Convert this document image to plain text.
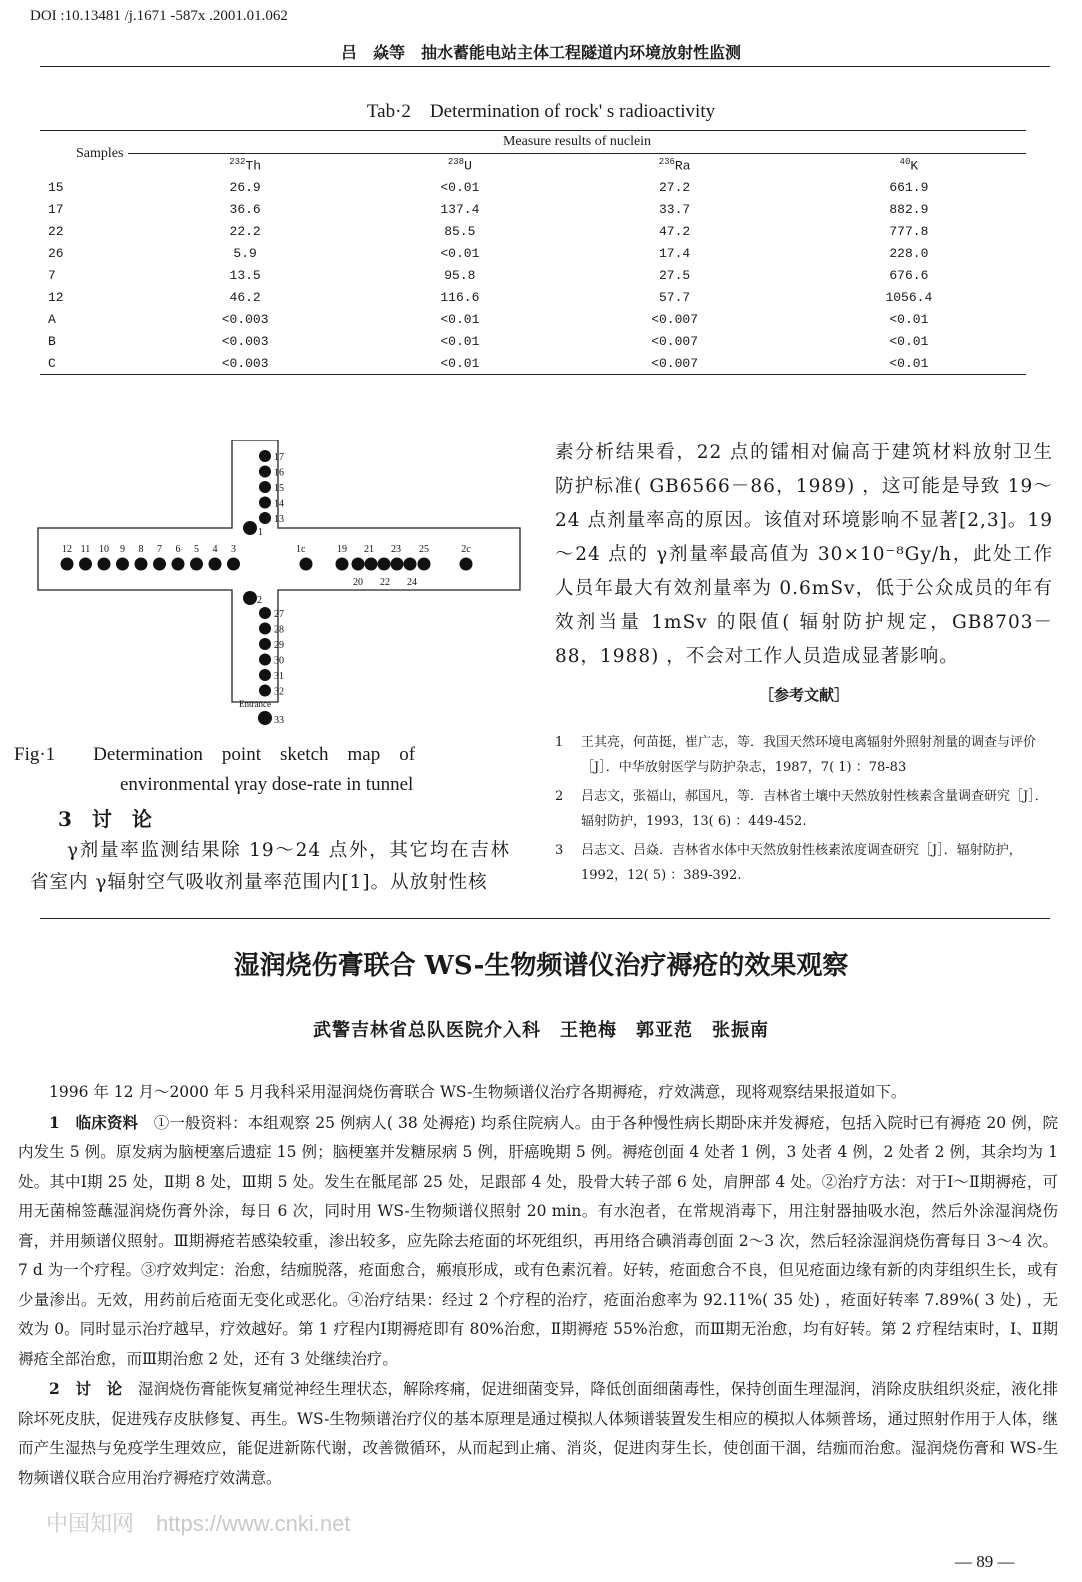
DOI :10.13481 /j.1671 -587x .2001.01.062
吕　焱等　抽水蓄能电站主体工程隧道内环境放射性监测
Tab·2　Determination of rock' s radioactivity
Samples	Measure results of nuclein			
	$^{232}$Th	$^{238}$U	$^{236}$Ra	$^{40}$K
15	26.9	<0.01	27.2	661.9
17	36.6	137.4	33.7	882.9
22	22.2	85.5	47.2	777.8
26	5.9	<0.01	17.4	228.0
7	13.5	95.8	27.5	676.6
12	46.2	116.6	57.7	1056.4
A	<0.003	<0.01	<0.007	<0.01
B	<0.003	<0.01	<0.007	<0.01
C	<0.003	<0.01	<0.007	<0.01
12 11 10 9 8 7 6 5 4 3
17
16
15
14
13
1
1c	19 21 23 25	2c
20 22 24
2
27
28
29
30
31
32
Entrance
33
Fig·1　　Determination　point　sketch　map　of
environmental γray dose-rate in tunnel
素分析结果看，22 点的镭相对偏高于建筑材料放射卫生防护标准( GB6566－86，1989) ，这可能是导致 19～24 点剂量率高的原因。该值对环境影响不显著[2,3]。19～24 点的 γ剂量率最高值为 30×10⁻⁸Gy/h，此处工作人员年最大有效剂量率为 0.6mSv，低于公众成员的年有效剂当量 1mSv 的限值( 辐射防护规定，GB8703－88，1988) ，不会对工作人员造成显著影响。
［参考文献］
1 王其亮，何苗挺，崔广志，等．我国天然环境电离辐射外照射剂量的调查与评价［J］．中华放射医学与防护杂志，1987，7( 1) ：78-83
2 吕志文，张福山，郝国凡，等．吉林省土壤中天然放射性核素含量调查研究［J］．辐射防护，1993，13( 6) ：449-452.
3 吕志文、吕焱．吉林省水体中天然放射性核素浓度调查研究［J］．辐射防护，1992，12( 5) ：389-392.
3　讨　论
γ剂量率监测结果除 19～24 点外，其它均在吉林省室内 γ辐射空气吸收剂量率范围内[1]。从放射性核
湿润烧伤膏联合 WS-生物频谱仪治疗褥疮的效果观察
武警吉林省总队医院介入科　王艳梅　郭亚范　张振南

1996 年 12 月～2000 年 5 月我科采用湿润烧伤膏联合 WS-生物频谱仪治疗各期褥疮，疗效满意，现将观察结果报道如下。

1　临床资料　 ①一般资料：本组观察 25 例病人( 38 处褥疮) 均系住院病人。由于各种慢性病长期卧床并发褥疮，包括入院时已有褥疮 20 例，院内发生 5 例。原发病为脑梗塞后遗症 15 例；脑梗塞并发糖尿病 5 例，肝癌晚期 5 例。褥疮创面 4 处者 1 例，3 处者 4 例，2 处者 2 例，其余均为 1 处。其中Ⅰ期 25 处，Ⅱ期 8 处，Ⅲ期 5 处。发生在骶尾部 25 处，足跟部 4 处，股骨大转子部 6 处，肩胛部 4 处。②治疗方法：对于Ⅰ～Ⅱ期褥疮，可用无菌棉签蘸湿润烧伤膏外涂，每日 6 次，同时用 WS-生物频谱仪照射 20 min。有水泡者，在常规消毒下，用注射器抽吸水泡，然后外涂湿润烧伤膏，并用频谱仪照射。Ⅲ期褥疮若感染较重，渗出较多，应先除去疮面的坏死组织，再用络合碘消毒创面 2～3 次，然后轻涂湿润烧伤膏每日 3～4 次。7 d 为一个疗程。③疗效判定：治愈，结痂脱落，疮面愈合，瘢痕形成，或有色素沉着。好转，疮面愈合不良，但见疮面边缘有新的肉芽组织生长，或有少量渗出。无效，用药前后疮面无变化或恶化。④治疗结果：经过 2 个疗程的治疗，疮面治愈率为 92.11%( 35 处) ，疮面好转率 7.89%( 3 处) ，无效为 0。同时显示治疗越早，疗效越好。第 1 疗程内Ⅰ期褥疮即有 80%治愈，Ⅱ期褥疮 55%治愈，而Ⅲ期无治愈，均有好转。第 2 疗程结束时，Ⅰ、Ⅱ期褥疮全部治愈，而Ⅲ期治愈 2 处，还有 3 处继续治疗。

2　讨　论　 湿润烧伤膏能恢复痛觉神经生理状态，解除疼痛，促进细菌变异，降低创面细菌毒性，保持创面生理湿润，消除皮肤组织炎症，液化排除坏死皮肤，促进残存皮肤修复、再生。WS-生物频谱治疗仪的基本原理是通过模拟人体频谱装置发生相应的模拟人体频普场，通过照射作用于人体，继而产生湿热与免疫学生理效应，能促进新陈代谢，改善微循环，从而起到止痛、消炎，促进肉芽生长，使创面干涸，结痂而治愈。湿润烧伤膏和 WS-生物频谱仪联合应用治疗褥疮疗效满意。

中国知网　https://www.cnki.net
— 89 —
